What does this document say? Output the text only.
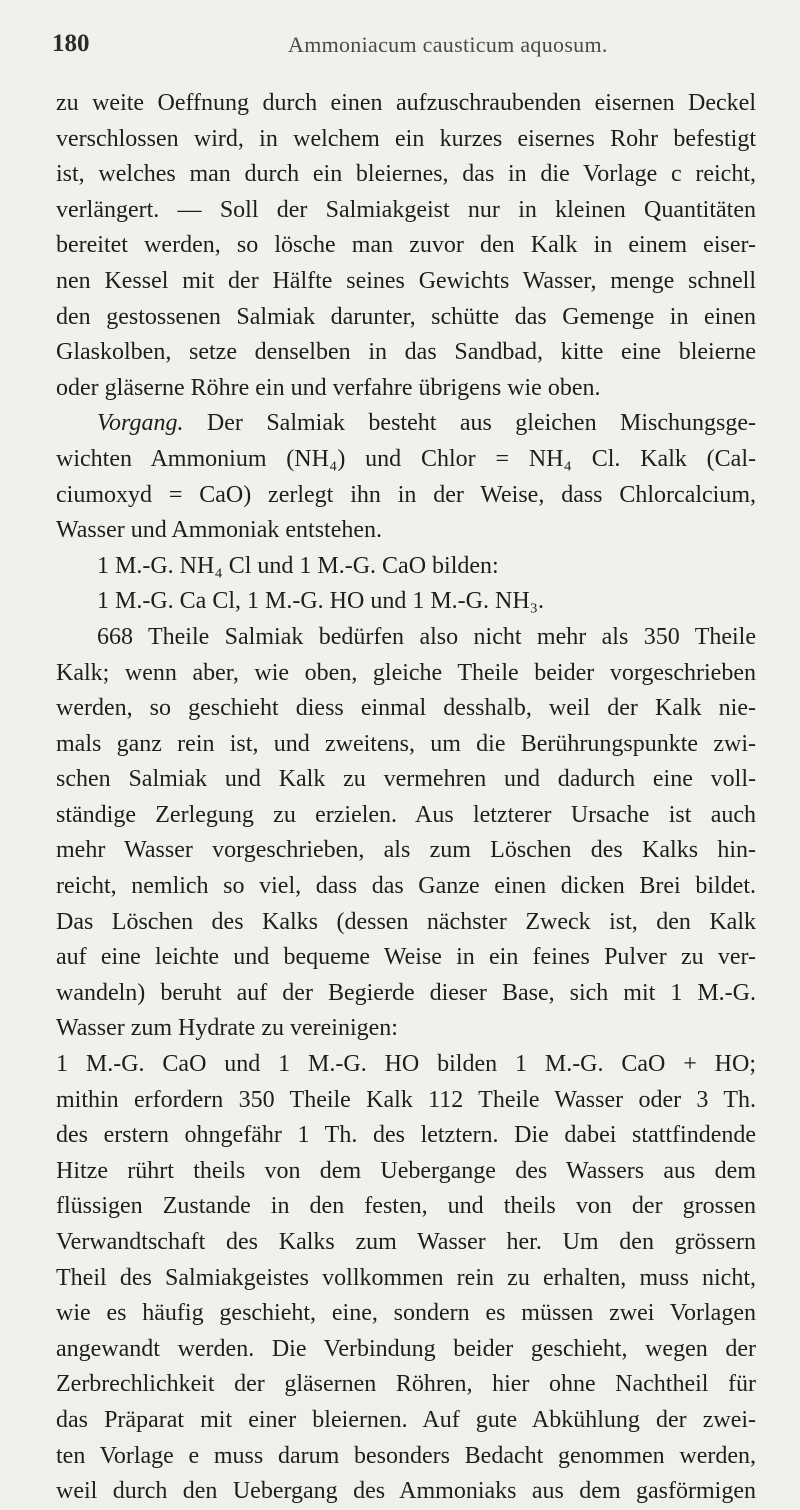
180	Ammoniacum causticum aquosum.
zu weite Oeffnung durch einen aufzuschraubenden eisernen Deckel
verschlossen wird, in welchem ein kurzes eisernes Rohr befestigt
ist, welches man durch ein bleiernes, das in die Vorlage c reicht,
verlängert. — Soll der Salmiakgeist nur in kleinen Quantitäten
bereitet werden, so lösche man zuvor den Kalk in einem eiser-
nen Kessel mit der Hälfte seines Gewichts Wasser, menge schnell
den gestossenen Salmiak darunter, schütte das Gemenge in einen
Glaskolben, setze denselben in das Sandbad, kitte eine bleierne
oder gläserne Röhre ein und verfahre übrigens wie oben.
Vorgang. Der Salmiak besteht aus gleichen Mischungsge-
wichten Ammonium (NH₄) und Chlor = NH₄ Cl. Kalk (Cal-
ciumoxyd = CaO) zerlegt ihn in der Weise, dass Chlorcalcium,
Wasser und Ammoniak entstehen.
1 M.-G. NH₄ Cl und 1 M.-G. CaO bilden:
1 M.-G. Ca Cl, 1 M.-G. HO und 1 M.-G. NH₃.
668 Theile Salmiak bedürfen also nicht mehr als 350 Theile
Kalk; wenn aber, wie oben, gleiche Theile beider vorgeschrieben
werden, so geschieht diess einmal desshalb, weil der Kalk nie-
mals ganz rein ist, und zweitens, um die Berührungspunkte zwi-
schen Salmiak und Kalk zu vermehren und dadurch eine voll-
ständige Zerlegung zu erzielen. Aus letzterer Ursache ist auch
mehr Wasser vorgeschrieben, als zum Löschen des Kalks hin-
reicht, nemlich so viel, dass das Ganze einen dicken Brei bildet.
Das Löschen des Kalks (dessen nächster Zweck ist, den Kalk
auf eine leichte und bequeme Weise in ein feines Pulver zu ver-
wandeln) beruht auf der Begierde dieser Base, sich mit 1 M.-G.
Wasser zum Hydrate zu vereinigen:
1 M.-G. CaO und 1 M.-G. HO bilden 1 M.-G. CaO + HO;
mithin erfordern 350 Theile Kalk 112 Theile Wasser oder 3 Th.
des erstern ohngefähr 1 Th. des letztern. Die dabei stattfindende
Hitze rührt theils von dem Uebergange des Wassers aus dem
flüssigen Zustande in den festen, und theils von der grossen
Verwandtschaft des Kalks zum Wasser her. Um den grössern
Theil des Salmiakgeistes vollkommen rein zu erhalten, muss nicht,
wie es häufig geschieht, eine, sondern es müssen zwei Vorlagen
angewandt werden. Die Verbindung beider geschieht, wegen der
Zerbrechlichkeit der gläsernen Röhren, hier ohne Nachtheil für
das Präparat mit einer bleiernen. Auf gute Abkühlung der zwei-
ten Vorlage e muss darum besonders Bedacht genommen werden,
weil durch den Uebergang des Ammoniaks aus dem gasförmigen
